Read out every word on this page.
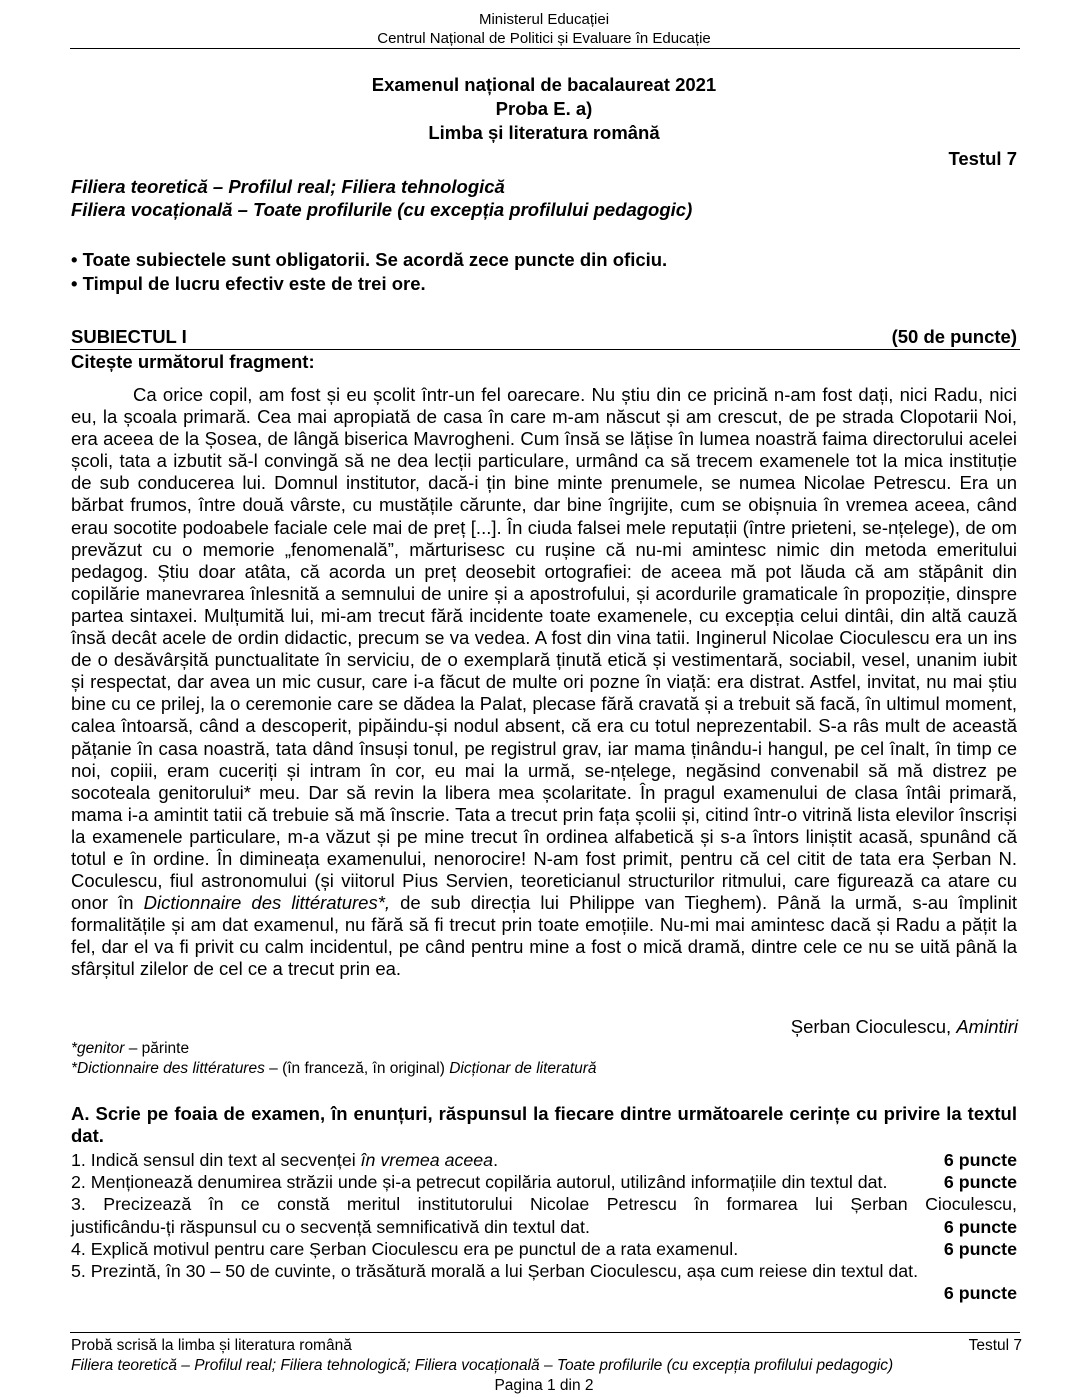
Ministerul Educației
Centrul Național de Politici și Evaluare în Educație
Examenul național de bacalaureat 2021
Proba E. a)
Limba și literatura română
Testul 7
Filiera teoretică – Profilul real; Filiera tehnologică
Filiera vocațională – Toate profilurile (cu excepția profilului pedagogic)
• Toate subiectele sunt obligatorii. Se acordă zece puncte din oficiu.
• Timpul de lucru efectiv este de trei ore.
SUBIECTUL I	(50 de puncte)
Citește următorul fragment:

Ca orice copil, am fost și eu școlit într-un fel oarecare. Nu știu din ce pricină n-am fost dați, nici Radu, nici eu, la școala primară. Cea mai apropiată de casa în care m-am născut și am crescut, de pe strada Clopotarii Noi, era aceea de la Șosea, de lângă biserica Mavrogheni. Cum însă se lățise în lumea noastră faima directorului acelei școli, tata a izbutit să-l convingă să ne dea lecții particulare, urmând ca să trecem examenele tot la mica instituție de sub conducerea lui. Domnul institutor, dacă-i țin bine minte prenumele, se numea Nicolae Petrescu. Era un bărbat frumos, între două vârste, cu mustățile cărunte, dar bine îngrijite, cum se obișnuia în vremea aceea, când erau socotite podoabele faciale cele mai de preț [...]. În ciuda falsei mele reputații (între prieteni, se-nțelege), de om prevăzut cu o memorie „fenomenală”, mărturisesc cu rușine că nu-mi amintesc nimic din metoda emeritului pedagog. Știu doar atâta, că acorda un preț deosebit ortografiei: de aceea mă pot lăuda că am stăpânit din copilărie manevrarea înlesnită a semnului de unire și a apostrofului, și acordurile gramaticale în propoziție, dinspre partea sintaxei. Mulțumită lui, mi-am trecut fără incidente toate examenele, cu excepția celui dintâi, din altă cauză însă decât acele de ordin didactic, precum se va vedea. A fost din vina tatii. Inginerul Nicolae Cioculescu era un ins de o desăvârșită punctualitate în serviciu, de o exemplară ținută etică și vestimentară, sociabil, vesel, unanim iubit și respectat, dar avea un mic cusur, care i-a făcut de multe ori pozne în viață: era distrat. Astfel, invitat, nu mai știu bine cu ce prilej, la o ceremonie care se dădea la Palat, plecase fără cravată și a trebuit să facă, în ultimul moment, calea întoarsă, când a descoperit, pipăindu-și nodul absent, că era cu totul neprezentabil. S-a râs mult de această pățanie în casa noastră, tata dând însuși tonul, pe registrul grav, iar mama ținându-i hangul, pe cel înalt, în timp ce noi, copiii, eram cuceriți și intram în cor, eu mai la urmă, se-nțelege, negăsind convenabil să mă distrez pe socoteala genitorului* meu. Dar să revin la libera mea școlaritate. În pragul examenului de clasa întâi primară, mama i-a amintit tatii că trebuie să mă înscrie. Tata a trecut prin fața școlii și, citind într-o vitrină lista elevilor înscriși la examenele particulare, m-a văzut și pe mine trecut în ordinea alfabetică și s-a întors liniștit acasă, spunând că totul e în ordine. În dimineața examenului, nenorocire! N-am fost primit, pentru că cel citit de tata era Șerban N. Coculescu, fiul astronomului (și viitorul Pius Servien, teoreticianul structurilor ritmului, care figurează ca atare cu onor în Dictionnaire des littératures*, de sub direcția lui Philippe van Tieghem). Până la urmă, s-au împlinit formalitățile și am dat examenul, nu fără să fi trecut prin toate emoțiile. Nu-mi mai amintesc dacă și Radu a pățit la fel, dar el va fi privit cu calm incidentul, pe când pentru mine a fost o mică dramă, dintre cele ce nu se uită până la sfârșitul zilelor de cel ce a trecut prin ea.

Șerban Cioculescu, Amintiri
*genitor – părinte
*Dictionnaire des littératures – (în franceză, în original) Dicționar de literatură
A. Scrie pe foaia de examen, în enunțuri, răspunsul la fiecare dintre următoarele cerințe cu privire la textul dat.
1. Indică sensul din text al secvenței în vremea aceea.	6 puncte
2. Menționează denumirea străzii unde și-a petrecut copilăria autorul, utilizând informațiile din textul dat.	6 puncte
3. Precizează în ce constă meritul institutorului Nicolae Petrescu în formarea lui Șerban Cioculescu,
justificându-ți răspunsul cu o secvență semnificativă din textul dat.	6 puncte
4. Explică motivul pentru care Șerban Cioculescu era pe punctul de a rata examenul.	6 puncte
5. Prezintă, în 30 – 50 de cuvinte, o trăsătură morală a lui Șerban Cioculescu, așa cum reiese din textul dat.
6 puncte
Probă scrisă la limba și literatura română	Testul 7
Filiera teoretică – Profilul real; Filiera tehnologică; Filiera vocațională – Toate profilurile (cu excepția profilului pedagogic)
Pagina 1 din 2
